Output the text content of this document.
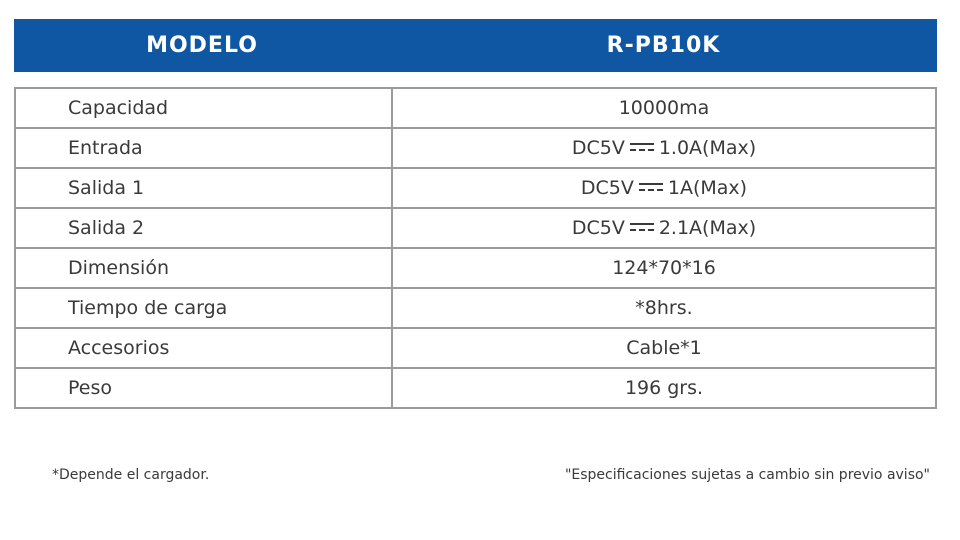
MODELO	R-PB10K
Capacidad	10000ma
Entrada	DC5V 1.0A(Max)
Salida 1	DC5V 1A(Max)
Salida 2	DC5V 2.1A(Max)
Dimensión	124*70*16
Tiempo de carga	*8hrs.
Accesorios	Cable*1
Peso	196 grs.
*Depende el cargador.	"Especificaciones sujetas a cambio sin previo aviso"
